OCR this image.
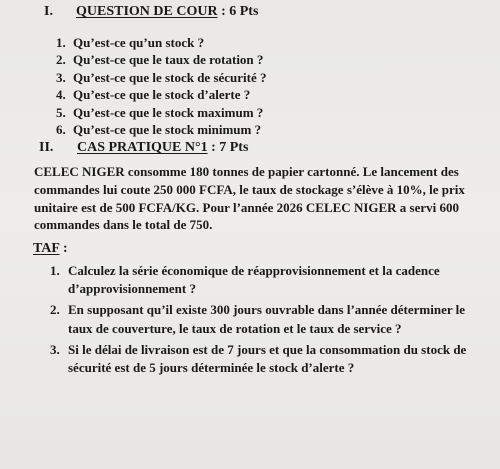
I. QUESTION DE COUR : 6 Pts
1. Qu’est-ce qu’un stock ?
2. Qu’est-ce que le taux de rotation ?
3. Qu’est-ce que le stock de sécurité ?
4. Qu’est-ce que le stock d’alerte ?
5. Qu’est-ce que le stock maximum ?
6. Qu’est-ce que le stock minimum ?
II. CAS PRATIQUE N°1 : 7 Pts
CELEC NIGER consomme 180 tonnes de papier cartonné. Le lancement des commandes lui coute 250 000 FCFA, le taux de stockage s’élève à 10%, le prix unitaire est de 500 FCFA/KG. Pour l’année 2026 CELEC NIGER a servi 600 commandes dans le total de 750.
TAF :
1. Calculez la série économique de réapprovisionnement et la cadence d’approvisionnement ?
2. En supposant qu’il existe 300 jours ouvrable dans l’année déterminer le taux de couverture, le taux de rotation et le taux de service ?
3. Si le délai de livraison est de 7 jours et que la consommation du stock de sécurité est de 5 jours déterminée le stock d’alerte ?
